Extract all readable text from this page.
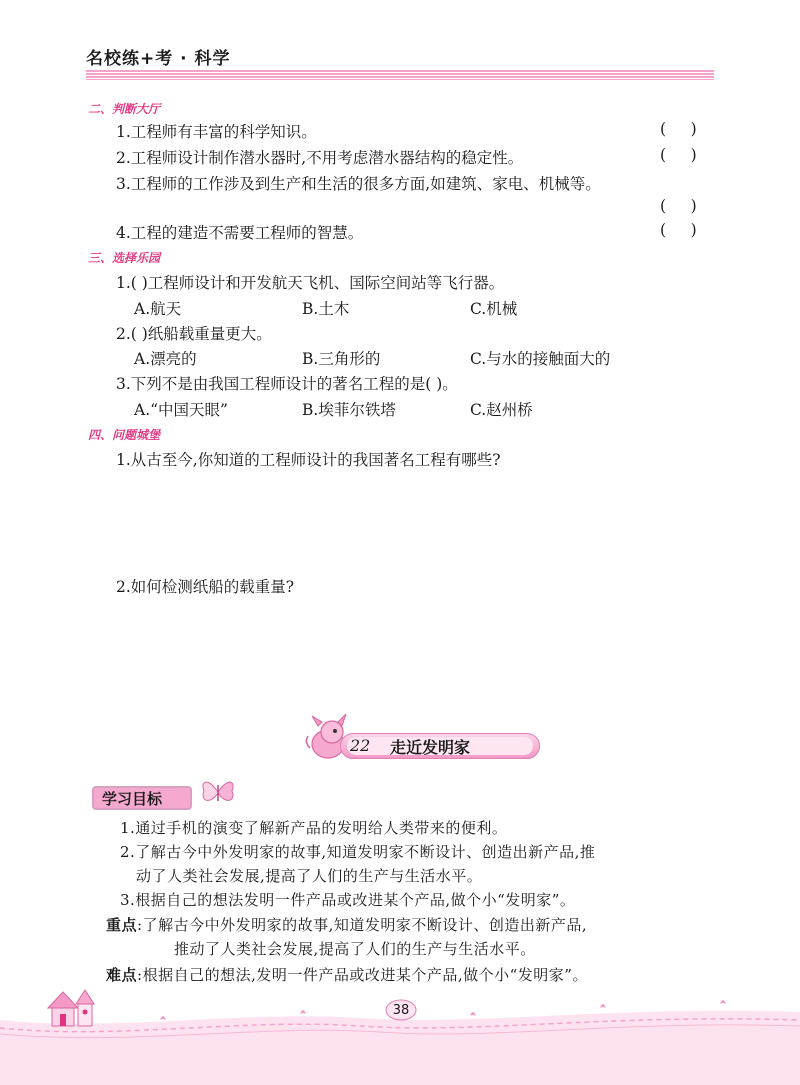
名校练+考 · 科学
二、判断大厅
1.工程师有丰富的科学知识。	(     )
2.工程师设计制作潜水器时,不用考虑潜水器结构的稳定性。	(     )
3.工程师的工作涉及到生产和生活的很多方面,如建筑、家电、机械等。
(     )
4.工程的建造不需要工程师的智慧。	(     )
三、选择乐园
1.( )工程师设计和开发航天飞机、国际空间站等飞行器。
A.航天	B.土木	C.机械
2.( )纸船载重量更大。
A.漂亮的	B.三角形的	C.与水的接触面大的
3.下列不是由我国工程师设计的著名工程的是( )。
A.“中国天眼”	B.埃菲尔铁塔	C.赵州桥
四、问题城堡
1.从古至今,你知道的工程师设计的我国著名工程有哪些?
2.如何检测纸船的载重量?
22 走近发明家
学习目标
1.通过手机的演变了解新产品的发明给人类带来的便利。
2.了解古今中外发明家的故事,知道发明家不断设计、创造出新产品,推
动了人类社会发展,提高了人们的生产与生活水平。
3.根据自己的想法发明一件产品或改进某个产品,做个小“发明家”。
重点:了解古今中外发明家的故事,知道发明家不断设计、创造出新产品,
推动了人类社会发展,提高了人们的生产与生活水平。
难点:根据自己的想法,发明一件产品或改进某个产品,做个小“发明家”。
38
